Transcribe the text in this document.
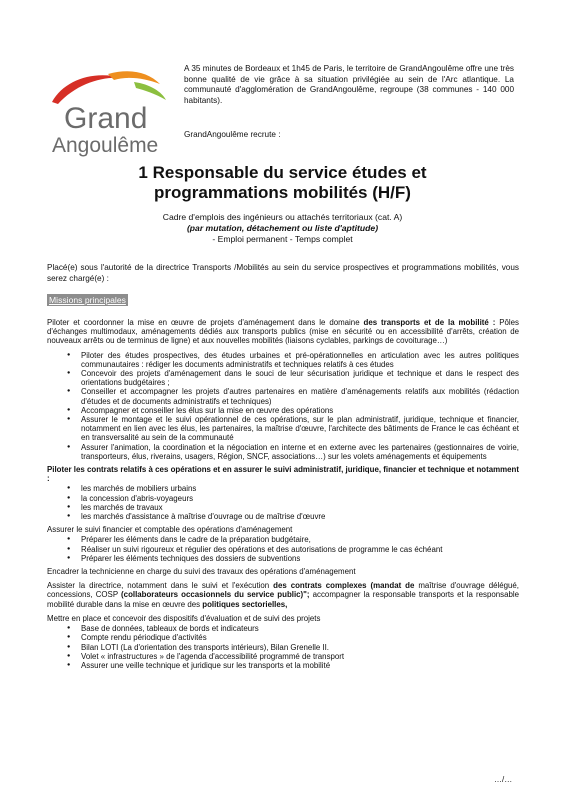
Grand
Angoulême
A 35 minutes de Bordeaux et 1h45 de Paris, le territoire de GrandAngoulême offre une très bonne qualité de vie grâce à sa situation privilégiée au sein de l'Arc atlantique. La communauté d'agglomération de GrandAngoulême, regroupe (38 communes - 140 000 habitants).
GrandAngoulême recrute :
1 Responsable du service études et
programmations mobilités (H/F)
Cadre d'emplois des ingénieurs ou attachés territoriaux (cat. A)
(par mutation, détachement ou liste d'aptitude)
- Emploi permanent - Temps complet
Placé(e) sous l'autorité de la directrice Transports /Mobilités au sein du service prospectives et programmations mobilités, vous serez chargé(e) :
Missions principales

Piloter et coordonner la mise en œuvre de projets d'aménagement dans le domaine des transports et de la mobilité : Pôles d'échanges multimodaux, aménagements dédiés aux transports publics (mise en sécurité ou en accessibilité d'arrêts, création de nouveaux arrêts ou de terminus de ligne) et aux nouvelles mobilités (liaisons cyclables, parkings de covoiturage…)

● Piloter des études prospectives, des études urbaines et pré-opérationnelles en articulation avec les autres politiques communautaires : rédiger les documents administratifs et techniques relatifs à ces études
● Concevoir des projets d'aménagement dans le souci de leur sécurisation juridique et technique et dans le respect des orientations budgétaires ;
● Conseiller et accompagner les projets d'autres partenaires en matière d'aménagements relatifs aux mobilités (rédaction d'études et de documents administratifs et techniques)
● Accompagner et conseiller les élus sur la mise en œuvre des opérations
● Assurer le montage et le suivi opérationnel de ces opérations, sur le plan administratif, juridique, technique et financier, notamment en lien avec les élus, les partenaires, la maîtrise d'œuvre, l'architecte des bâtiments de France le cas échéant et en transversalité au sein de la communauté
● Assurer l'animation, la coordination et la négociation en interne et en externe avec les partenaires (gestionnaires de voirie, transporteurs, élus, riverains, usagers, Région, SNCF, associations…) sur les volets aménagements et équipements

Piloter les contrats relatifs à ces opérations et en assurer le suivi administratif, juridique, financier et technique et notamment :

● les marchés de mobiliers urbains
● la concession d'abris-voyageurs
● les marchés de travaux
● les marchés d'assistance à maîtrise d'ouvrage ou de maîtrise d'œuvre

Assurer le suivi financier et comptable des opérations d'aménagement

● Préparer les éléments dans le cadre de la préparation budgétaire,
● Réaliser un suivi rigoureux et régulier des opérations et des autorisations de programme le cas échéant
● Préparer les éléments techniques des dossiers de subventions

Encadrer la technicienne en charge du suivi des travaux des opérations d'aménagement

Assister la directrice, notamment dans le suivi et l'exécution des contrats complexes (mandat de maîtrise d'ouvrage délégué, concessions, COSP (collaborateurs occasionnels du service public)"; accompagner la responsable transports et la responsable mobilité durable dans la mise en œuvre des politiques sectorielles,

Mettre en place et concevoir des dispositifs d'évaluation et de suivi des projets

● Base de données, tableaux de bords et indicateurs
● Compte rendu périodique d'activités
● Bilan LOTI (La d'orientation des transports intérieurs), Bilan Grenelle II.
● Volet « infrastructures » de l'agenda d'accessibilité programmé de transport
● Assurer une veille technique et juridique sur les transports et la mobilité
…/…
